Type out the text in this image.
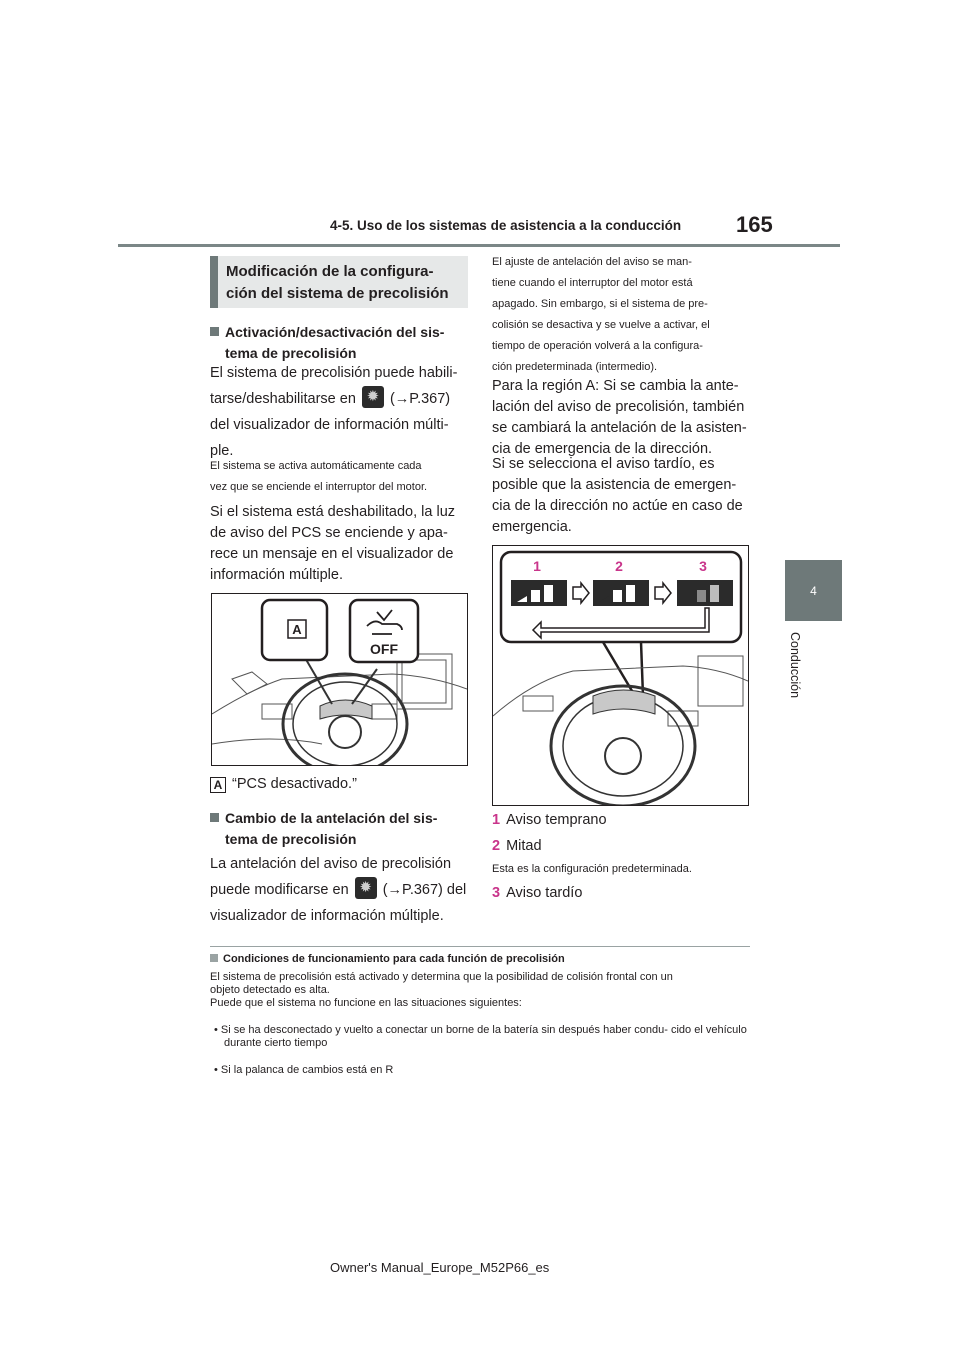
4-5. Uso de los sistemas de asistencia a la conducción 165
4
Conducción
Modificación de la configura-
ción del sistema de precolisión
Activación/desactivación del sis-
tema de precolisión
El sistema de precolisión puede habili-
tarse/deshabilitarse en ✹ (→P.367)
del visualizador de información múlti-
ple.
El sistema se activa automáticamente cada
vez que se enciende el interruptor del motor.
Si el sistema está deshabilitado, la luz de aviso del PCS se enciende y apa- rece un mensaje en el visualizador de información múltiple.
A
OFF
A “PCS desactivado.”
Cambio de la antelación del sis-
tema de precolisión
La antelación del aviso de precolisión
puede modificarse en ✹ (→P.367) del
visualizador de información múltiple.
El ajuste de antelación del aviso se man-
tiene cuando el interruptor del motor está
apagado. Sin embargo, si el sistema de pre-
colisión se desactiva y se vuelve a activar, el
tiempo de operación volverá a la configura-
ción predeterminada (intermedio).
Para la región A: Si se cambia la ante- lación del aviso de precolisión, también se cambiará la antelación de la asisten- cia de emergencia de la dirección.
Si se selecciona el aviso tardío, es posible que la asistencia de emergen- cia de la dirección no actúe en caso de emergencia.
1	2	3
1 Aviso temprano
2 Mitad
Esta es la configuración predeterminada.
3 Aviso tardío
Condiciones de funcionamiento para cada función de precolisión
El sistema de precolisión está activado y determina que la posibilidad de colisión frontal con un
objeto detectado es alta.
Puede que el sistema no funcione en las situaciones siguientes:
• Si se ha desconectado y vuelto a conectar un borne de la batería sin después haber condu- cido el vehículo durante cierto tiempo
• Si la palanca de cambios está en R
Owner's Manual_Europe_M52P66_es
